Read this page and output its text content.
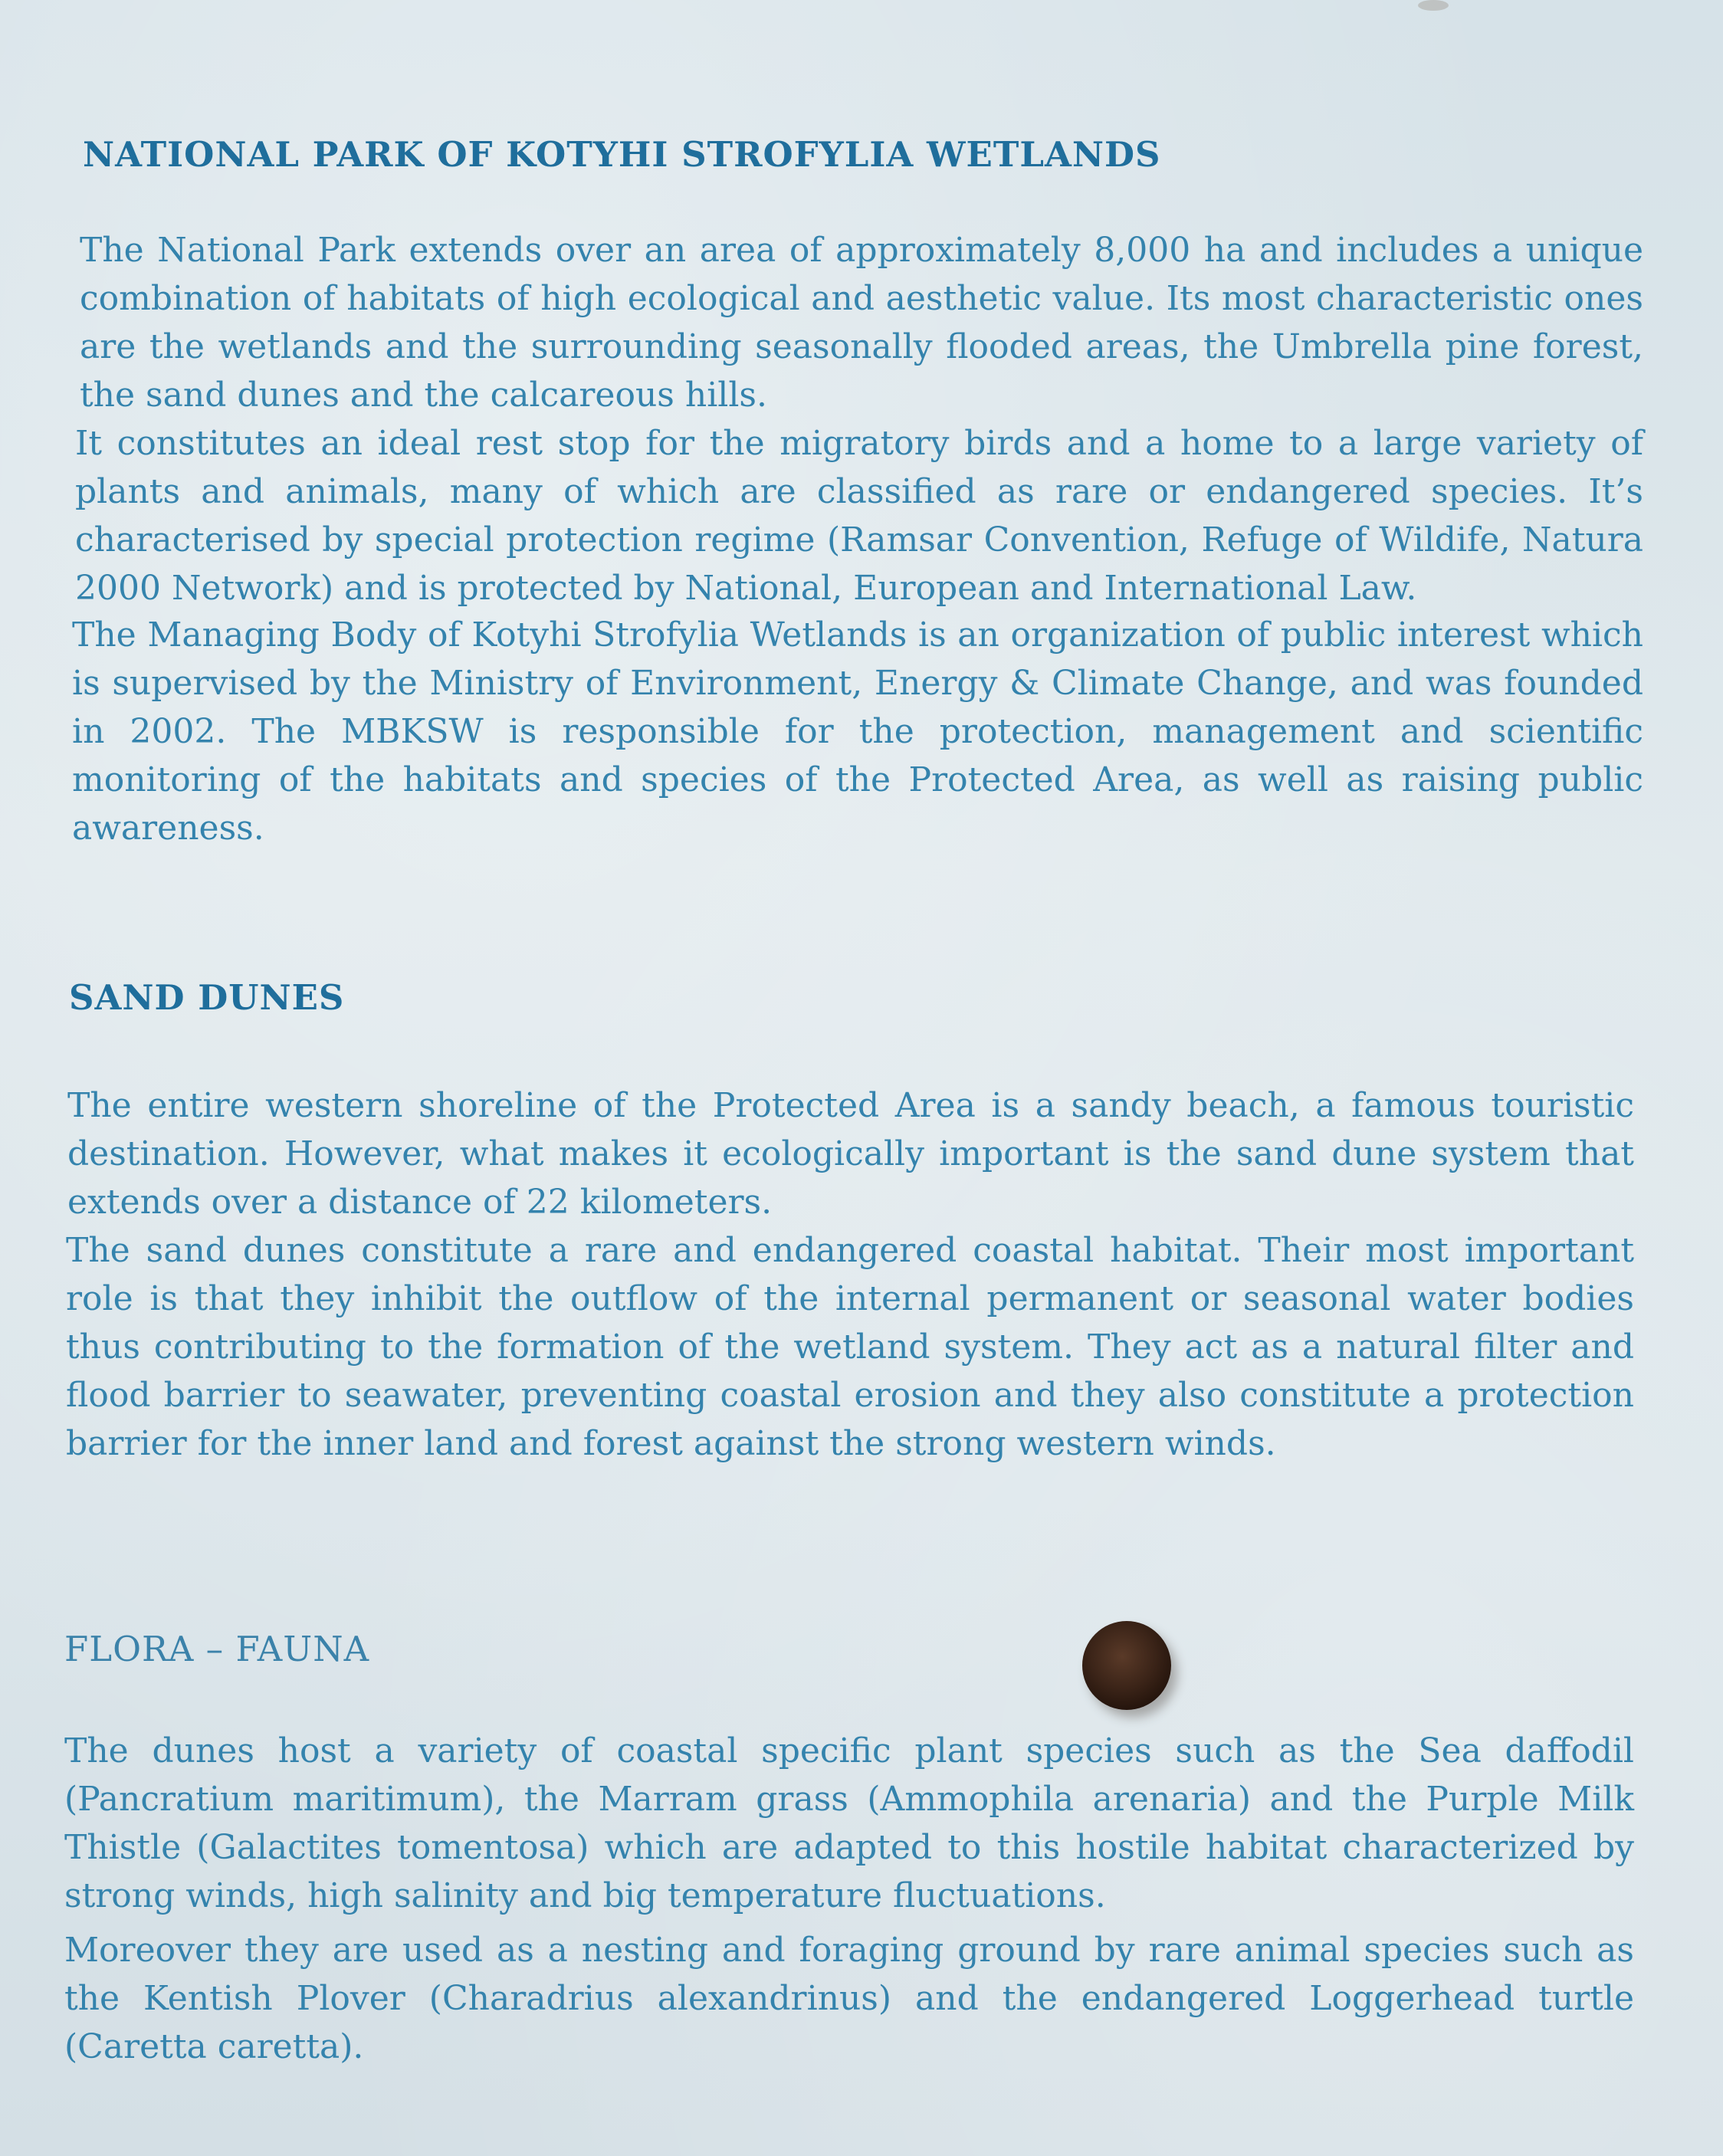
NATIONAL PARK OF KOTYHI STROFYLIA WETLANDS

The National Park extends over an area of approximately 8,000 ha and includes a unique combination of habitats of high ecological and aesthetic value. Its most characteristic ones are the wetlands and the surrounding seasonally flooded areas, the Umbrella pine forest, the sand dunes and the calcareous hills.

It constitutes an ideal rest stop for the migratory birds and a home to a large variety of plants and animals, many of which are classified as rare or endangered species. It’s characterised by special protection regime (Ramsar Convention, Refuge of Wildife, Natura 2000 Network) and is protected by National, European and International Law.

The Managing Body of Kotyhi Strofylia Wetlands is an organization of public interest which is supervised by the Ministry of Environment, Energy & Climate Change, and was founded in 2002. The MBKSW is responsible for the protection, management and scientific monitoring of the habitats and species of the Protected Area, as well as raising public awareness.

SAND DUNES

The entire western shoreline of the Protected Area is a sandy beach, a famous touristic destination. However, what makes it ecologically important is the sand dune system that extends over a distance of 22 kilometers.

The sand dunes constitute a rare and endangered coastal habitat. Their most important role is that they inhibit the outflow of the internal permanent or seasonal water bodies thus contributing to the formation of the wetland system. They act as a natural filter and flood barrier to seawater, preventing coastal erosion and they also constitute a protection barrier for the inner land and forest against the strong western winds.

FLORA – FAUNA

The dunes host a variety of coastal specific plant species such as the Sea daffodil (Pancratium maritimum), the Marram grass (Ammophila arenaria) and the Purple Milk Thistle (Galactites tomentosa) which are adapted to this hostile habitat characterized by strong winds, high salinity and big temperature fluctuations.

Moreover they are used as a nesting and foraging ground by rare animal species such as the Kentish Plover (Charadrius alexandrinus) and the endangered Loggerhead turtle (Caretta caretta).
